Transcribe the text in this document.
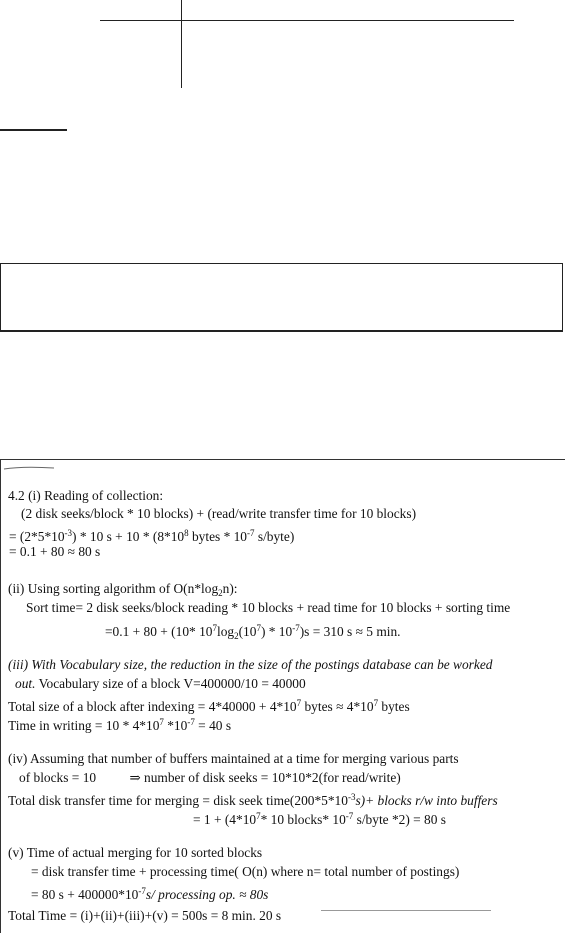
4.2 (i) Reading of collection:
(2 disk seeks/block * 10 blocks) + (read/write transfer time for 10 blocks)
= $(2*5*10^{-3}) * 10$ $s + 10 * (8*10^8$ bytes * $10^{-7}$ s/byte)
= 0.1 + 80 ≈ 80 s
(ii) Using sorting algorithm of $O(n*\log_2n)$:
Sort time= 2 disk seeks/block reading * 10 blocks + read time for 10 blocks + sorting time
=0.1 + 80 + (10* $10^7\log_2(10^7) * 10^{-7})s = 310$ s ≈ 5 min.
(iii) With Vocabulary size, the reduction in the size of the postings database can be worked
out. Vocabulary size of a block V=400000/10 = 40000
Total size of a block after indexing = $4*40000 + 4*10^7$ bytes ≈ $4*10^7$ bytes
Time in writing = $10 * 4*10^7$ $*10^{-7} = 40$ s
(iv) Assuming that number of buffers maintained at a time for merging various parts
of blocks = 10 ⇒ number of disk seeks = 10*10*2(for read/write)
Total disk transfer time for merging = disk seek $time(200*5*10^{-3}s)+$ blocks r/w into buffers
= $1 + (4*10^7*$ 10 blocks* $10^{-7}$ s/byte *2) = 80 s
(v) Time of actual merging for 10 sorted blocks
= disk transfer time + processing time( O(n) where n= total number of postings)
= 80 $s + 400000*10^{-7}s/$ processing op. ≈ 80s
Total Time = (i)+(ii)+(iii)+(v) = 500s = 8 min. 20 s
